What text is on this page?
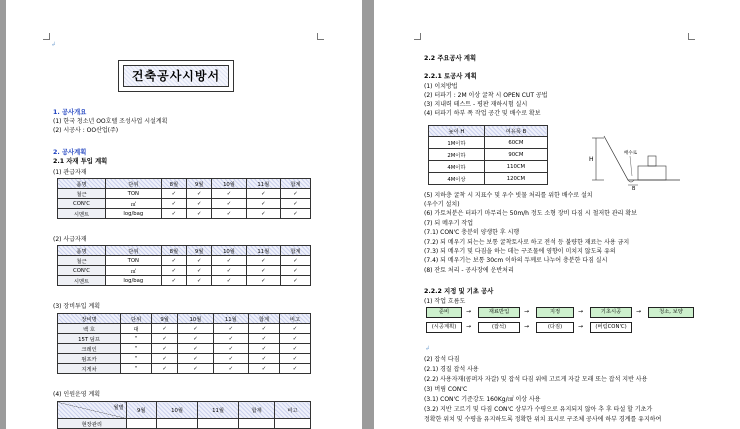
↲
건축공사시방서
1. 공사개요
(1) 한국 청소년 OO호텔 조성사업 시설계획
(2) 시공사 : OO산업(주)
2. 공사계획
2.1 자재 투입 계획
(1) 관급자재
품명	단위	8월	9월	10월	11월	합계
철근	TON	✓	✓	✓	✓	✓
CON'C	㎥	✓	✓	✓	✓	✓
시멘트	log/bag	✓	✓	✓	✓	✓
(2) 사급자재
품명	단위	8월	9월	10월	11월	합계
철근	TON	✓	✓	✓	✓	✓
CON'C	㎥	✓	✓	✓	✓	✓
시멘트	log/bag	✓	✓	✓	✓	✓
(3) 장비투입 계획
장비명	단위	9월	10월	11월	합계	비고
백 호	대	✓	✓	✓	✓	✓
15T 덤프	"	✓	✓	✓	✓	✓
크레인	"	✓	✓	✓	✓	✓
펌프카	"	✓	✓	✓	✓	✓
지게차	"	✓	✓	✓	✓	✓
(4) 인원운영 계획
월별	9월	10월	11월	합계	비고
현장관리					
2.2 주요공사 계획
2.2.1 토공사 계획
(1) 이치방법
(2) 터파기 : 2M 이상 굴착 시 OPEN CUT 공법
(3) 지내력 테스트 - 평판 재하시험 실시
(4) 터파기 하부 폭 작업 공간 및 배수로 확보
높이 H	여유폭 B
1M이하	60CM
2M이하	90CM
4M이하	110CM
4M이상	120CM
H
B
배수로
(5) 지하층 굴착 시 지표수 및 우수 빗물 처리를 위한 배수로 설치
(우수기 설치)
(6) 가토처분은 터파기 마무리는 50m/h 정도 소형 장비 다짐 시 철저한 관리 확보
(7) 되 메우기 작업
(7.1) CON'C 충분히 양생한 후 시행
(7.2) 되 메우기 되는는 보통 굴착토사로 하고 전석 등 불량한 재료는 사용 금지
(7.3) 되 메우기 및 다짐을 하는 데는 구조물에 영향이 미치지 않도록 유의
(7.4) 되 메우기는 보통 30cm 이하의 두께로 나누어 충분한 다짐 실시
(8) 잔토 처리 - 공사장에 운반처리
2.2.2 지정 및 기초 공사
(1) 작업 흐름도
준비	→	재료반입	→	지정	→	기초시공	→	청소, 보양
(시공계획)	→	(잡석)	→	(다짐)	→	(버림CON'C)
↲
(2) 잡석 다짐
(2.1) 경질 잡석 사용
(2.2) 사용자재(콤퍼자 자갈) 및 잡석 다짐 위에 고르게 자갈 모래 또는 잡석 지반 사용
(3) 버림 CON'C
(3.1) CON'C 기준강도 160Kg/㎠ 이상 사용
(3.2) 지반 고르기 및 다짐 CON'C 상부가 수평으로 유지되지 않아 추 후 타설 할 기초가
정확한 위치 및 수평을 유지하도록 정확한 위치 표시로 구조체 공사에 하부 경계를 유지하여
